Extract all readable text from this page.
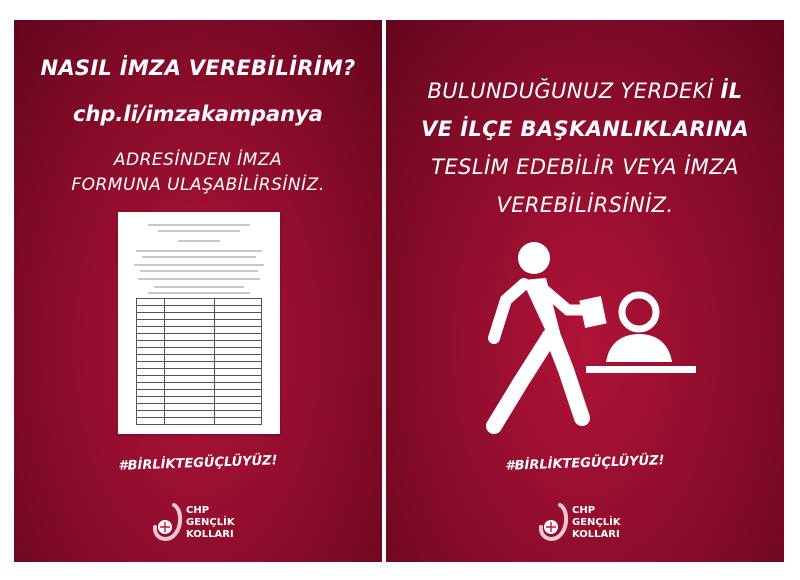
NASIL İMZA VEREBİLİRİM?
chp.li/imzakampanya
ADRESİNDEN İMZA
FORMUNA ULAŞABİLİRSİNİZ.

#BİRLİKTEGÜÇLÜYÜZ!
CHP
GENÇLİK
KOLLARI
BULUNDUĞUNUZ YERDEKİ İL
VE İLÇE BAŞKANLIKLARINA
TESLİM EDEBİLİR VEYA İMZA
VEREBİLİRSİNİZ.
#BİRLİKTEGÜÇLÜYÜZ!
CHP
GENÇLİK
KOLLARI
